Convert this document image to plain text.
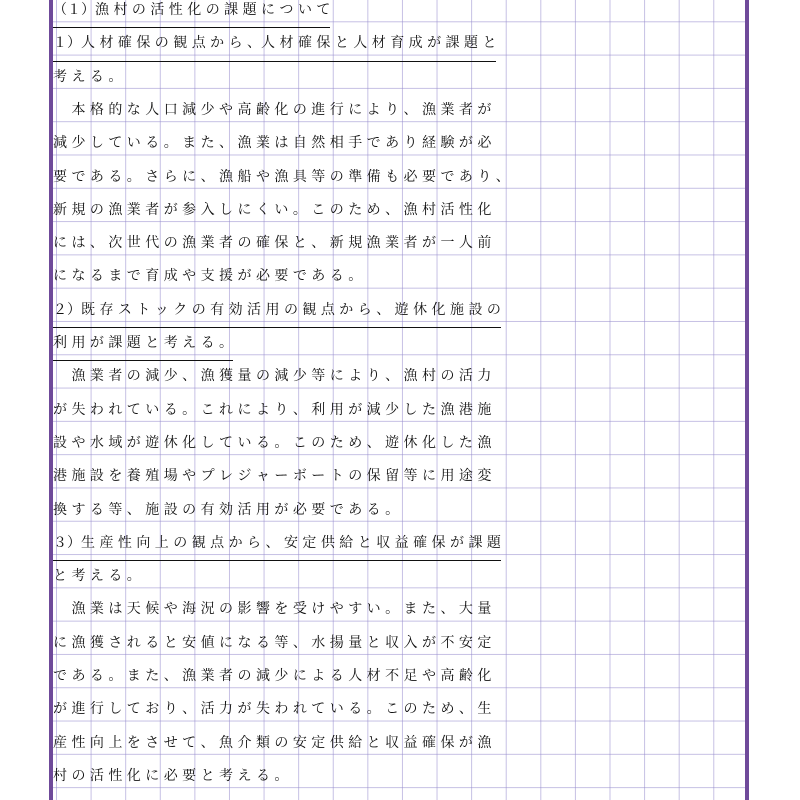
（１）漁 村 の 活 性 化 の 課 題 に つ い て
１）人 材 確 保 の 観 点 か ら 、人 材 確 保 と 人 材 育 成 が 課 題 と
考 え る 。
　 本 格 的 な 人 口 減 少 や 高 齢 化 の 進 行 に よ り 、 漁 業 者 が
減 少 し て い る 。 ま た 、 漁 業 は 自 然 相 手 で あ り 経 験 が 必
要 で あ る 。 さ ら に 、 漁 船 や 漁 具 等 の 準 備 も 必 要 で あ り 、
新 規 の 漁 業 者 が 参 入 し に く い 。 こ の た め 、 漁 村 活 性 化
に は 、 次 世 代 の 漁 業 者 の 確 保 と 、 新 規 漁 業 者 が 一 人 前
に な る ま で 育 成 や 支 援 が 必 要 で あ る 。
２）既 存 ス ト ッ ク の 有 効 活 用 の 観 点 か ら 、 遊 休 化 施 設 の
利 用 が 課 題 と 考 え る 。
　 漁 業 者 の 減 少 、 漁 獲 量 の 減 少 等 に よ り 、 漁 村 の 活 力
が 失 わ れ て い る 。 こ れ に よ り 、 利 用 が 減 少 し た 漁 港 施
設 や 水 域 が 遊 休 化 し て い る 。 こ の た め 、 遊 休 化 し た 漁
港 施 設 を 養 殖 場 や プ レ ジ ャ ー ボ ー ト の 保 留 等 に 用 途 変
換 す る 等 、 施 設 の 有 効 活 用 が 必 要 で あ る 。
３）生 産 性 向 上 の 観 点 か ら 、 安 定 供 給 と 収 益 確 保 が 課 題
と 考 え る 。
　 漁 業 は 天 候 や 海 況 の 影 響 を 受 け や す い 。 ま た 、 大 量
に 漁 獲 さ れ る と 安 値 に な る 等 、 水 揚 量 と 収 入 が 不 安 定
で あ る 。 ま た 、 漁 業 者 の 減 少 に よ る 人 材 不 足 や 高 齢 化
が 進 行 し て お り 、 活 力 が 失 わ れ て い る 。 こ の た め 、 生
産 性 向 上 を さ せ て 、 魚 介 類 の 安 定 供 給 と 収 益 確 保 が 漁
村 の 活 性 化 に 必 要 と 考 え る 。
